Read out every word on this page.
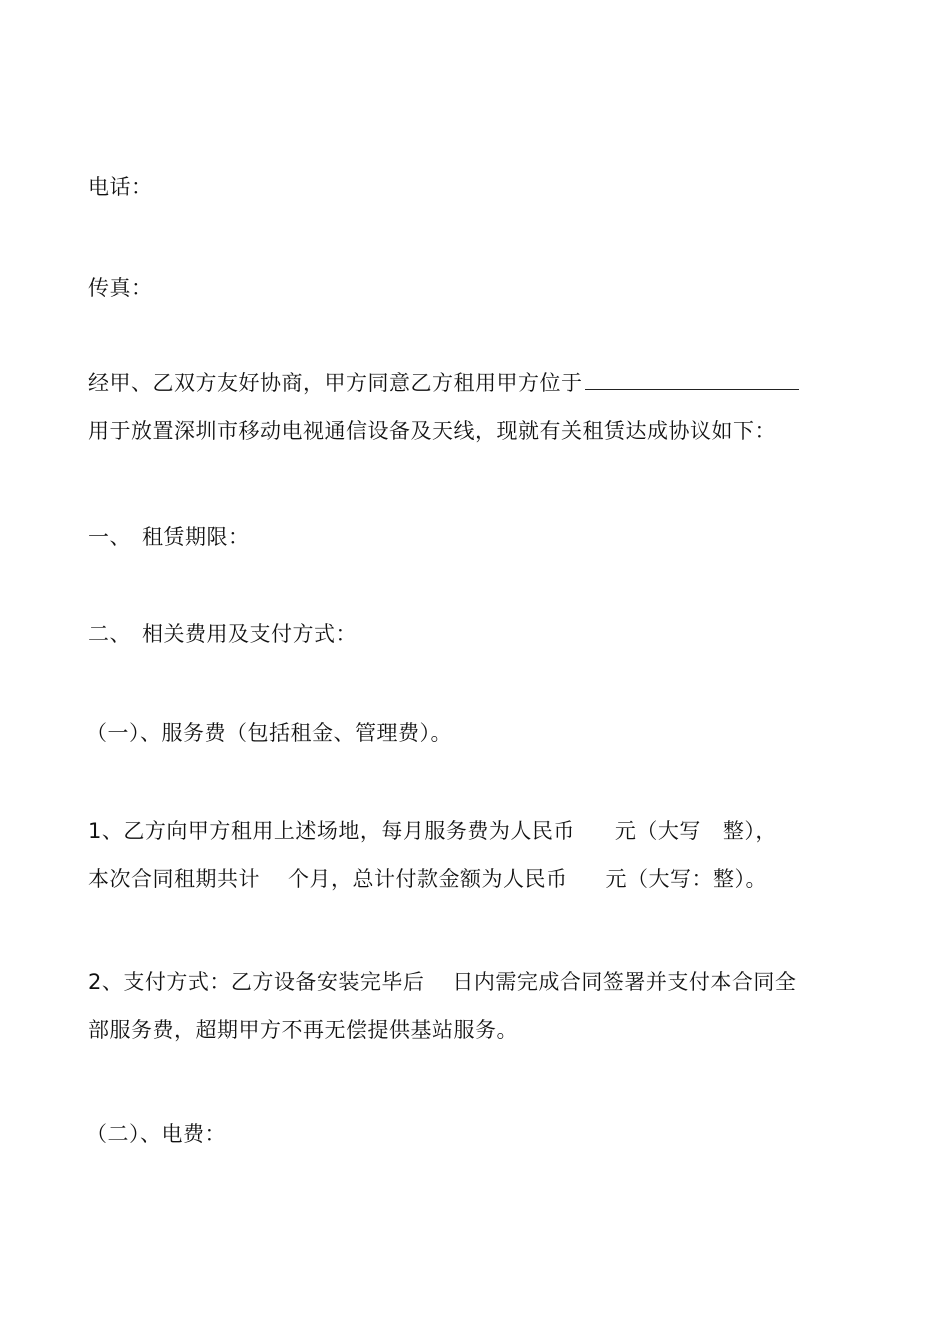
电话：
传真：
经甲、乙双方友好协商，甲方同意乙方租用甲方位于
用于放置深圳市移动电视通信设备及天线，现就有关租赁达成协议如下：
一、　租赁期限：
二、　相关费用及支付方式：
（一）、服务费（包括租金、管理费）。
1、乙方向甲方租用上述场地，每月服务费为人民币 元（大写 整），
本次合同租期共计 个月，总计付款金额为人民币 元（大写：整）。
2、支付方式：乙方设备安装完毕后 日内需完成合同签署并支付本合同全
部服务费，超期甲方不再无偿提供基站服务。
（二）、电费：
